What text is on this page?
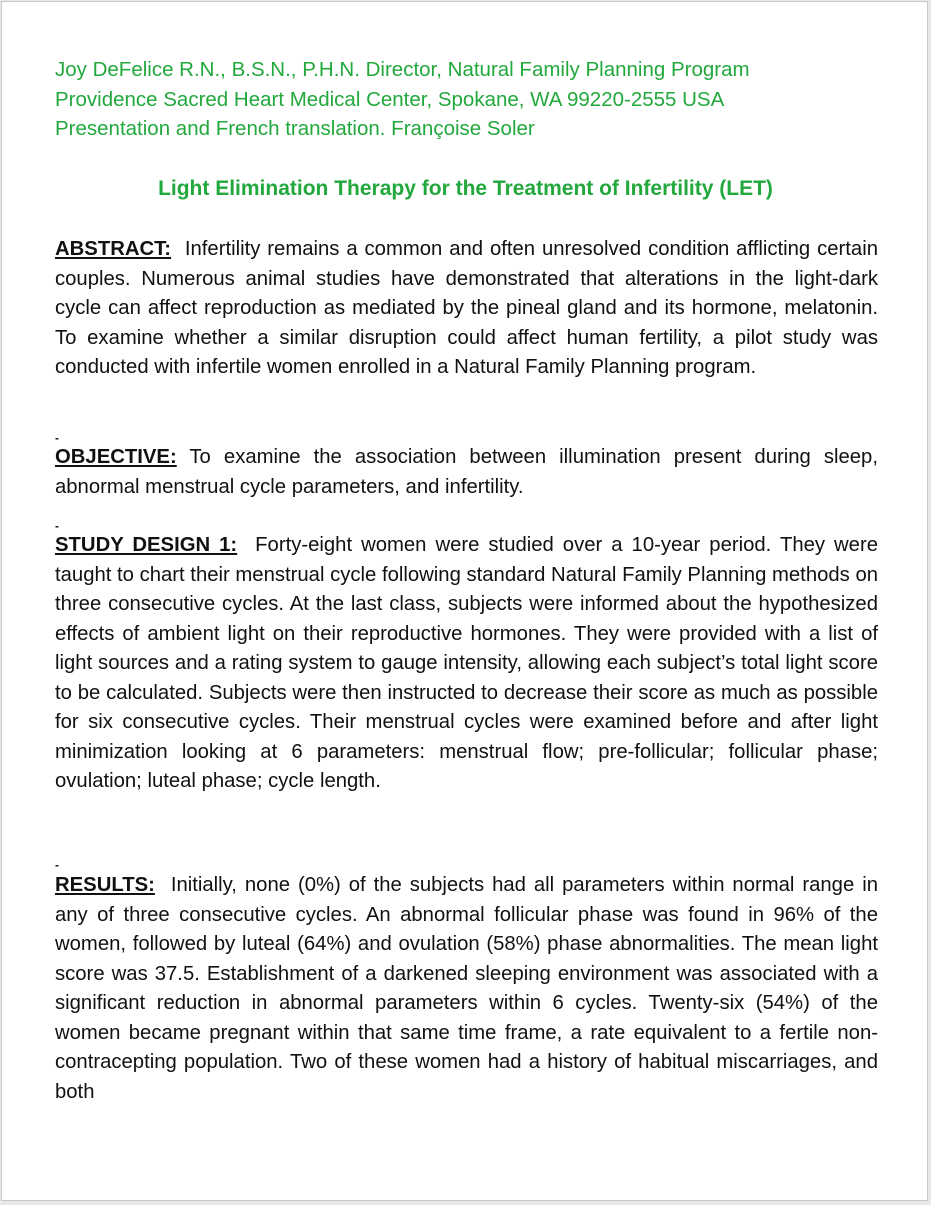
Joy DeFelice R.N., B.S.N., P.H.N. Director, Natural Family Planning Program
Providence Sacred Heart Medical Center, Spokane, WA 99220-2555 USA
Presentation and French translation. Françoise Soler
Light Elimination Therapy for the Treatment of Infertility (LET)

ABSTRACT: Infertility remains a common and often unresolved condition afflicting certain couples. Numerous animal studies have demonstrated that alterations in the light-dark cycle can affect reproduction as mediated by the pineal gland and its hormone, melatonin. To examine whether a similar disruption could affect human fertility, a pilot study was conducted with infertile women enrolled in a Natural Family Planning program.

-

OBJECTIVE: To examine the association between illumination present during sleep, abnormal menstrual cycle parameters, and infertility.

-

STUDY DESIGN 1: Forty-eight women were studied over a 10-year period. They were taught to chart their menstrual cycle following standard Natural Family Planning methods on three consecutive cycles. At the last class, subjects were informed about the hypothesized effects of ambient light on their reproductive hormones. They were provided with a list of light sources and a rating system to gauge intensity, allowing each subject’s total light score to be calculated. Subjects were then instructed to decrease their score as much as possible for six consecutive cycles. Their menstrual cycles were examined before and after light minimization looking at 6 parameters: menstrual flow; pre-follicular; follicular phase; ovulation; luteal phase; cycle length.

-

RESULTS: Initially, none (0%) of the subjects had all parameters within normal range in any of three consecutive cycles. An abnormal follicular phase was found in 96% of the women, followed by luteal (64%) and ovulation (58%) phase abnormalities. The mean light score was 37.5. Establishment of a darkened sleeping environment was associated with a significant reduction in abnormal parameters within 6 cycles. Twenty-six (54%) of the women became pregnant within that same time frame, a rate equivalent to a fertile non-contracepting population. Two of these women had a history of habitual miscarriages, and both
